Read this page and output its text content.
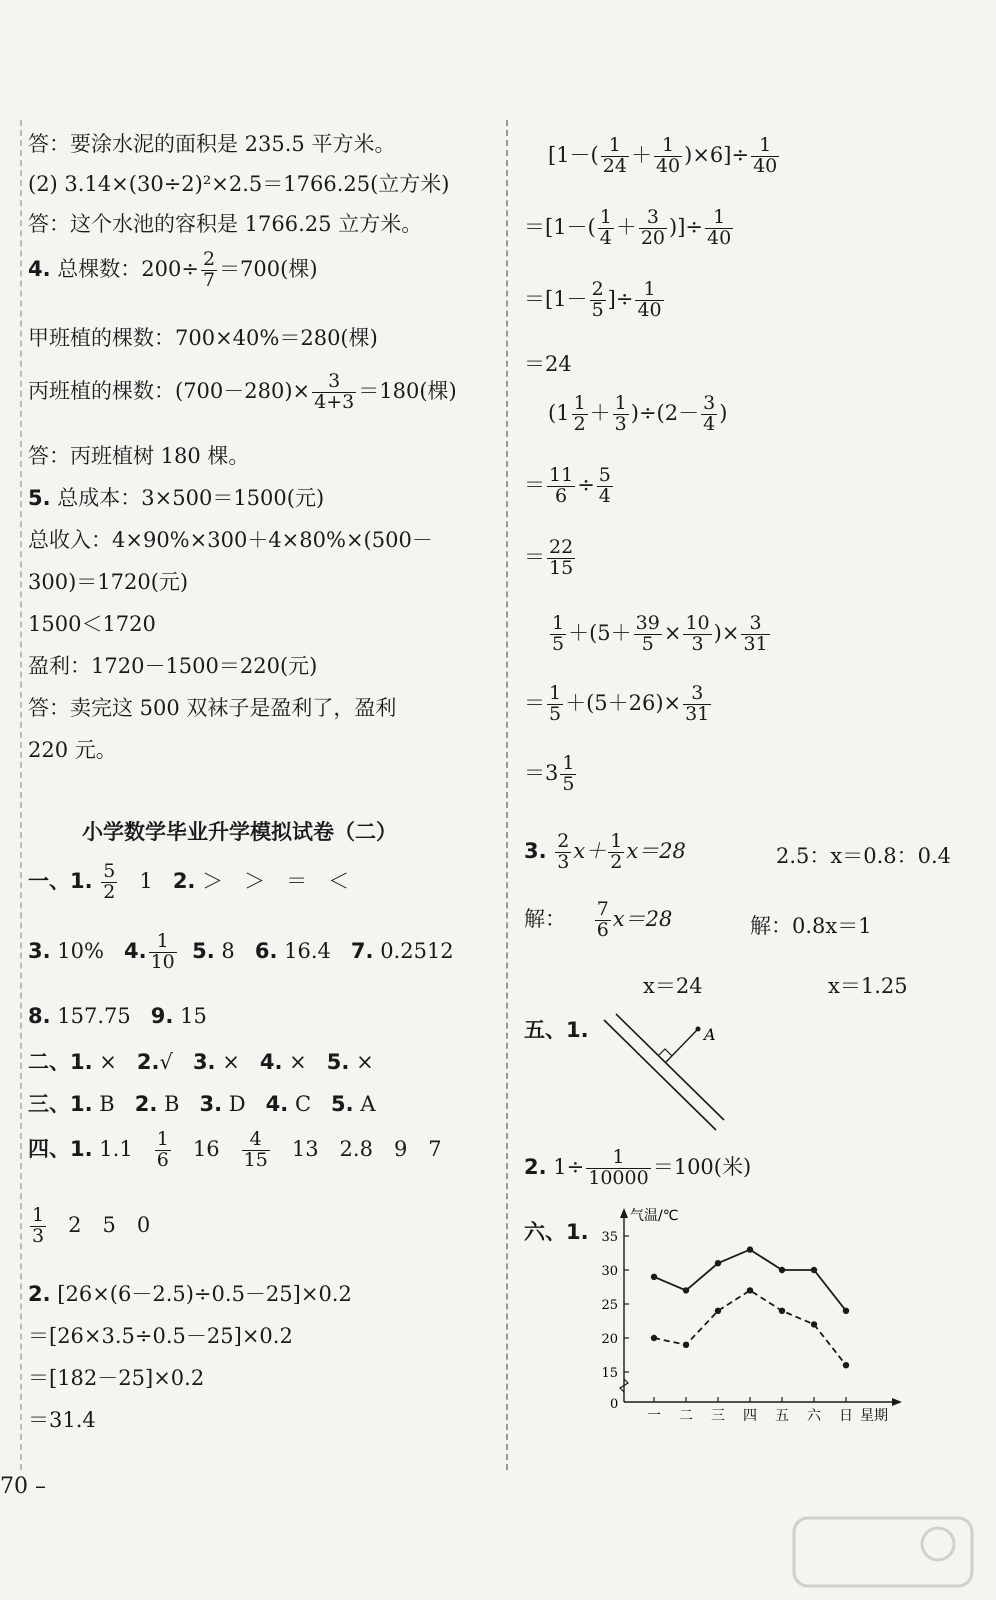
答：要涂水泥的面积是 235.5 平方米。
(2) 3.14×(30÷2)²×2.5＝1766.25(立方米)
答：这个水池的容积是 1766.25 立方米。
4. 总棵数：$200\div \frac{2}{7} =700$(棵)
甲班植的棵数：700×40%＝280(棵)
丙班植的棵数：$(700-280)\times \frac{3}{4+3} =180$(棵)
答：丙班植树 180 棵。
5. 总成本：3×500＝1500(元)
总收入：4×90%×300＋4×80%×(500－
300)＝1720(元)
1500＜1720
盈利：1720－1500＝220(元)
答：卖完这 500 双袜子是盈利了，盈利
220 元。
小学数学毕业升学模拟试卷（二）
一、1. $\frac{5}{2} 1$ 2. ＞　＞　＝　＜
3. 10% 4. $\frac{1}{10} 5$. 8 6. 16.4 7. 0.2512
8. 157.75 9. 15
二、1. × 2.√ 3. × 4. × 5. ×
三、1. B 2. B 3. D 4. C 5. A
四、1. $1.1 \frac{1}{6} 16 \frac{4}{15} 13$　2.8　9　7
$\frac{1}{3} 2$　5　0
2. [26×(6－2.5)÷0.5－25]×0.2
＝[26×3.5÷0.5－25]×0.2
＝[182－25]×0.2
＝31.4
70 –
$[1-( \frac{1}{24} + \frac{1}{40} )\times 6]\div \frac{1}{40}$
$=[1-( \frac{1}{4} + \frac{3}{20}$ )]÷ $\frac{1}{40}$
$=[1- \frac{2}{5}$ ]÷ $\frac{1}{40}$
＝24
$(1 \frac{1}{2} + \frac{1}{3} )\div(2- \frac{3}{4}$ )
＝ $\frac{11}{6} \div \frac{5}{4}$
＝ $\frac{22}{15}$
$\frac{1}{5} +(5+ \frac{39}{5} \times \frac{10}{3}$ )× $\frac{3}{31}$
＝ $\frac{1}{5} +(5+26)\times \frac{3}{31}$
$=3 \frac{1}{5}$
3. $\frac{2}{3} x+ \frac{1}{2} x=28$	2.5：x＝0.8：0.4
解： $\frac{7}{6} x=28$	解：0.8x＝1
x＝24	x＝1.25
五、1.	A
2. $1\div \frac{1}{10000} =100$(米)
六、1.
0
气温/℃
15
20
25
30
35
一 二 三 四 五 六 日 星期
